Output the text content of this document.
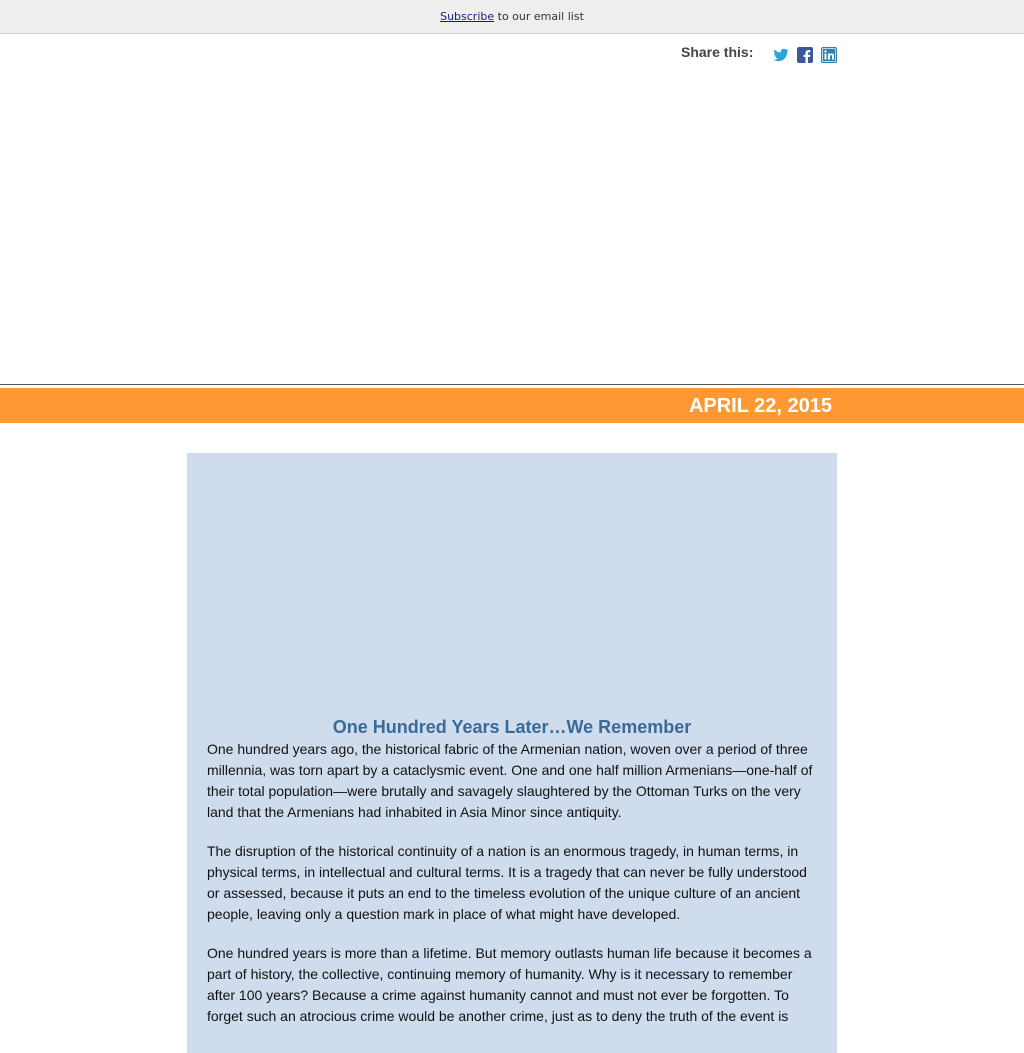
Subscribe to our email list
Share this:
APRIL 22, 2015
One Hundred Years Later…We Remember

One hundred years ago, the historical fabric of the Armenian nation, woven over a period of three millennia, was torn apart by a cataclysmic event. One and one half million Armenians—one-half of their total population—were brutally and savagely slaughtered by the Ottoman Turks on the very land that the Armenians had inhabited in Asia Minor since antiquity.

The disruption of the historical continuity of a nation is an enormous tragedy, in human terms, in physical terms, in intellectual and cultural terms. It is a tragedy that can never be fully understood or assessed, because it puts an end to the timeless evolution of the unique culture of an ancient people, leaving only a question mark in place of what might have developed.

One hundred years is more than a lifetime. But memory outlasts human life because it becomes a part of history, the collective, continuing memory of humanity. Why is it necessary to remember after 100 years? Because a crime against humanity cannot and must not ever be forgotten. To forget such an atrocious crime would be another crime, just as to deny the truth of the event is
